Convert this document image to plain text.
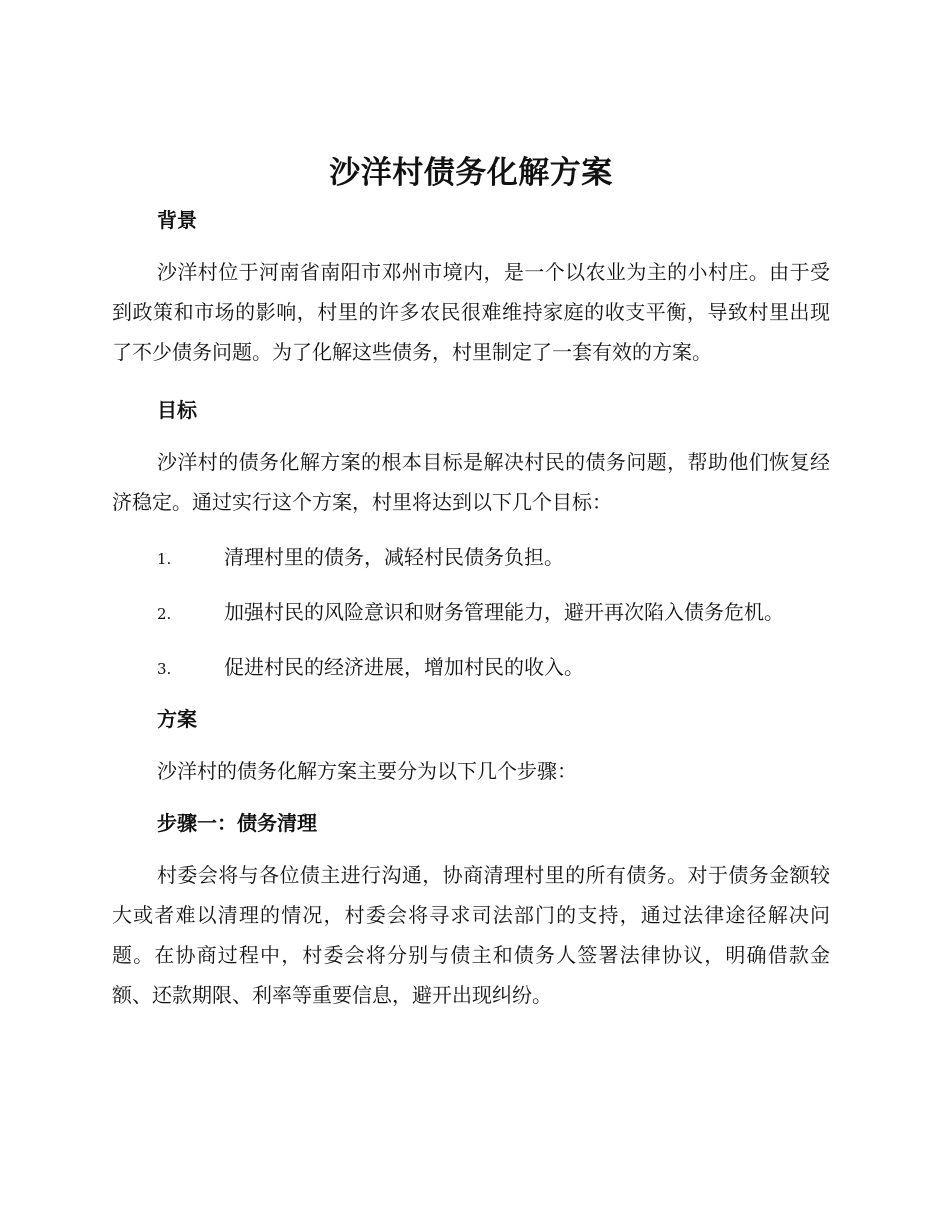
沙洋村债务化解方案
背景

沙洋村位于河南省南阳市邓州市境内，是一个以农业为主的小村庄。由于受到政策和市场的影响，村里的许多农民很难维持家庭的收支平衡，导致村里出现了不少债务问题。为了化解这些债务，村里制定了一套有效的方案。

目标

沙洋村的债务化解方案的根本目标是解决村民的债务问题，帮助他们恢复经济稳定。通过实行这个方案，村里将达到以下几个目标：

1.	清理村里的债务，减轻村民债务负担。
2.	加强村民的风险意识和财务管理能力，避开再次陷入债务危机。
3.	促进村民的经济进展，增加村民的收入。
方案

沙洋村的债务化解方案主要分为以下几个步骤：

步骤一：债务清理

村委会将与各位债主进行沟通，协商清理村里的所有债务。对于债务金额较大或者难以清理的情况，村委会将寻求司法部门的支持，通过法律途径解决问题。在协商过程中，村委会将分别与债主和债务人签署法律协议，明确借款金额、还款期限、利率等重要信息，避开出现纠纷。
